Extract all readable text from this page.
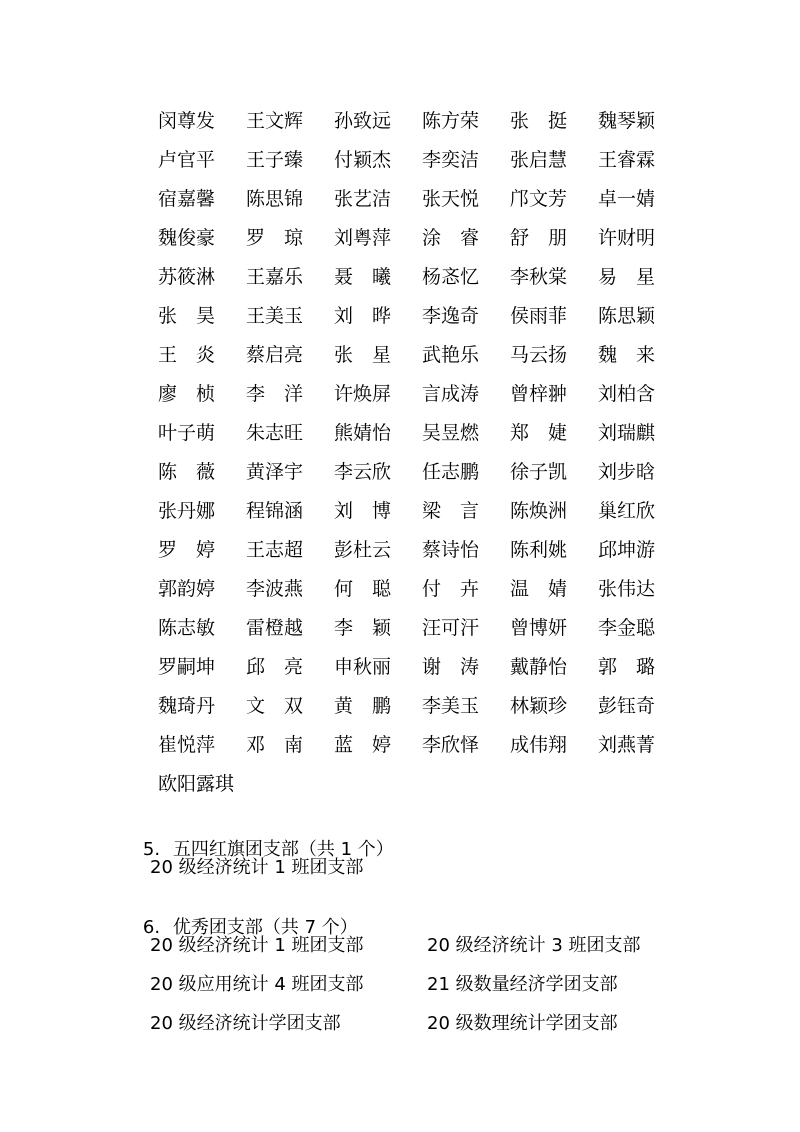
闵尊发	王文辉	孙致远	陈方荣	张　挺	魏琴颖
卢官平	王子臻	付颖杰	李奕洁	张启慧	王睿霖
宿嘉馨	陈思锦	张艺洁	张天悦	邝文芳	卓一婧
魏俊豪	罗　琼	刘粤萍	涂　睿	舒　朋	许财明
苏筱淋	王嘉乐	聂　曦	杨忞忆	李秋棠	易　星
张　昊	王美玉	刘　晔	李逸奇	侯雨菲	陈思颖
王　炎	蔡启亮	张　星	武艳乐	马云扬	魏　来
廖　桢	李　洋	许焕屏	言成涛	曾梓翀	刘柏含
叶子萌	朱志旺	熊婧怡	吴昱燃	郑　婕	刘瑞麒
陈　薇	黄泽宇	李云欣	任志鹏	徐子凯	刘步晗
张丹娜	程锦涵	刘　博	梁　言	陈焕洲	巢红欣
罗　婷	王志超	彭杜云	蔡诗怡	陈利姚	邱坤游
郭韵婷	李波燕	何　聪	付　卉	温　婧	张伟达
陈志敏	雷橙越	李　颖	汪可汗	曾博妍	李金聪
罗嗣坤	邱　亮	申秋丽	谢　涛	戴静怡	郭　璐
魏琦丹	文　双	黄　鹏	李美玉	林颖珍	彭钰奇
崔悦萍	邓　南	蓝　婷	李欣怿	成伟翔	刘燕菁
欧阳露琪

5. 五四红旗团支部（共 1 个）

20 级经济统计 1 班团支部

6. 优秀团支部（共 7 个）

20 级经济统计 1 班团支部	20 级经济统计 3 班团支部
20 级应用统计 4 班团支部	21 级数量经济学团支部
20 级经济统计学团支部	20 级数理统计学团支部
